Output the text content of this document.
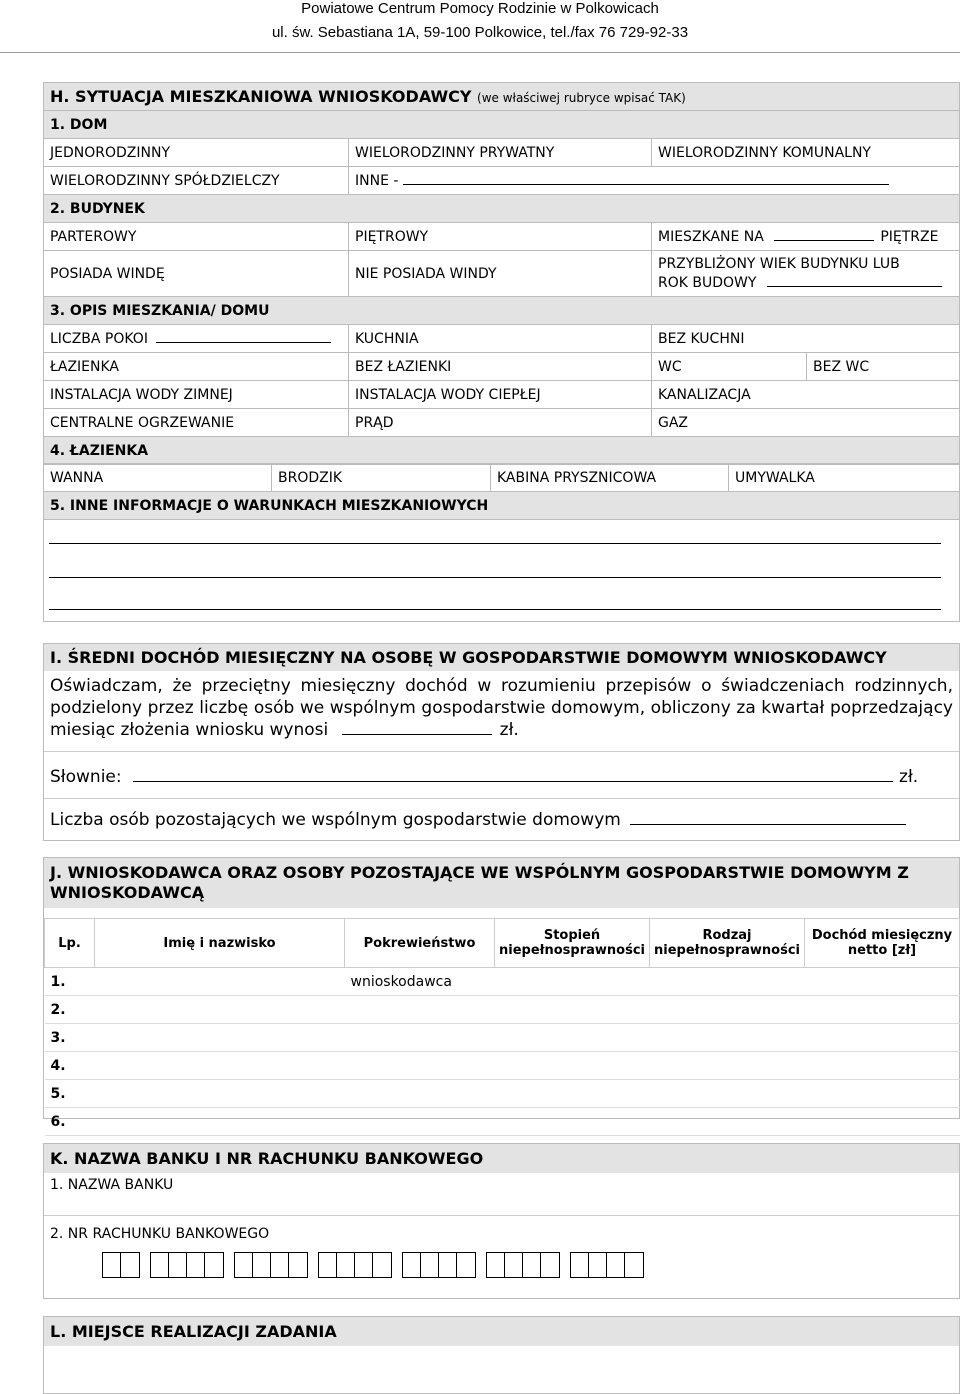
Powiatowe Centrum Pomocy Rodzinie w Polkowicach
ul. św. Sebastiana 1A, 59-100 Polkowice, tel./fax 76 729-92-33
H. SYTUACJA MIESZKANIOWA WNIOSKODAWCY (we właściwej rubryce wpisać TAK)			
1. DOM			
JEDNORODZINNY	WIELORODZINNY PRYWATNY	WIELORODZINNY KOMUNALNY	
WIELORODZINNY SPÓŁDZIELCZY	INNE -		
2. BUDYNEK			
PARTEROWY	PIĘTROWY	MIESZKANE NA PIĘTRZE	
POSIADA WINDĘ	NIE POSIADA WINDY	PRZYBLIŻONY WIEK BUDYNKU LUB
ROK BUDOWY	

3. OPIS MIESZKANIA/ DOMU			
LICZBA POKOI	KUCHNIA	BEZ KUCHNI	
ŁAZIENKA	BEZ ŁAZIENKI	WC	BEZ WC
INSTALACJA WODY ZIMNEJ	INSTALACJA WODY CIEPŁEJ	KANALIZACJA	
CENTRALNE OGRZEWANIE	PRĄD	GAZ	
4. ŁAZIENKA			
WANNA	BRODZIK	KABINA PRYSZNICOWA	UMYWALKA
5. INNE INFORMACJE O WARUNKACH MIESZKANIOWYCH
I. ŚREDNI DOCHÓD MIESIĘCZNY NA OSOBĘ W GOSPODARSTWIE DOMOWYM WNIOSKODAWCY
Oświadczam, że przeciętny miesięczny dochód w rozumieniu przepisów o świadczeniach rodzinnych, podzielony przez liczbę osób we wspólnym gospodarstwie domowym, obliczony za kwartał poprzedzający miesiąc złożenia wniosku wynosi	zł.
Słownie:	zł.
Liczba osób pozostających we wspólnym gospodarstwie domowym
J. WNIOSKODAWCA ORAZ OSOBY POZOSTAJĄCE WE WSPÓLNYM GOSPODARSTWIE DOMOWYM Z WNIOSKODAWCĄ
Lp.	Imię i nazwisko	Pokrewieństwo	Stopień niepełnosprawności	Rodzaj niepełnosprawności	Dochód miesięczny netto [zł]
1.		wnioskodawca			
2.					
3.					
4.					
5.					
6.					
K. NAZWA BANKU I NR RACHUNKU BANKOWEGO
1. NAZWA BANKU
2. NR RACHUNKU BANKOWEGO
L. MIEJSCE REALIZACJI ZADANIA
